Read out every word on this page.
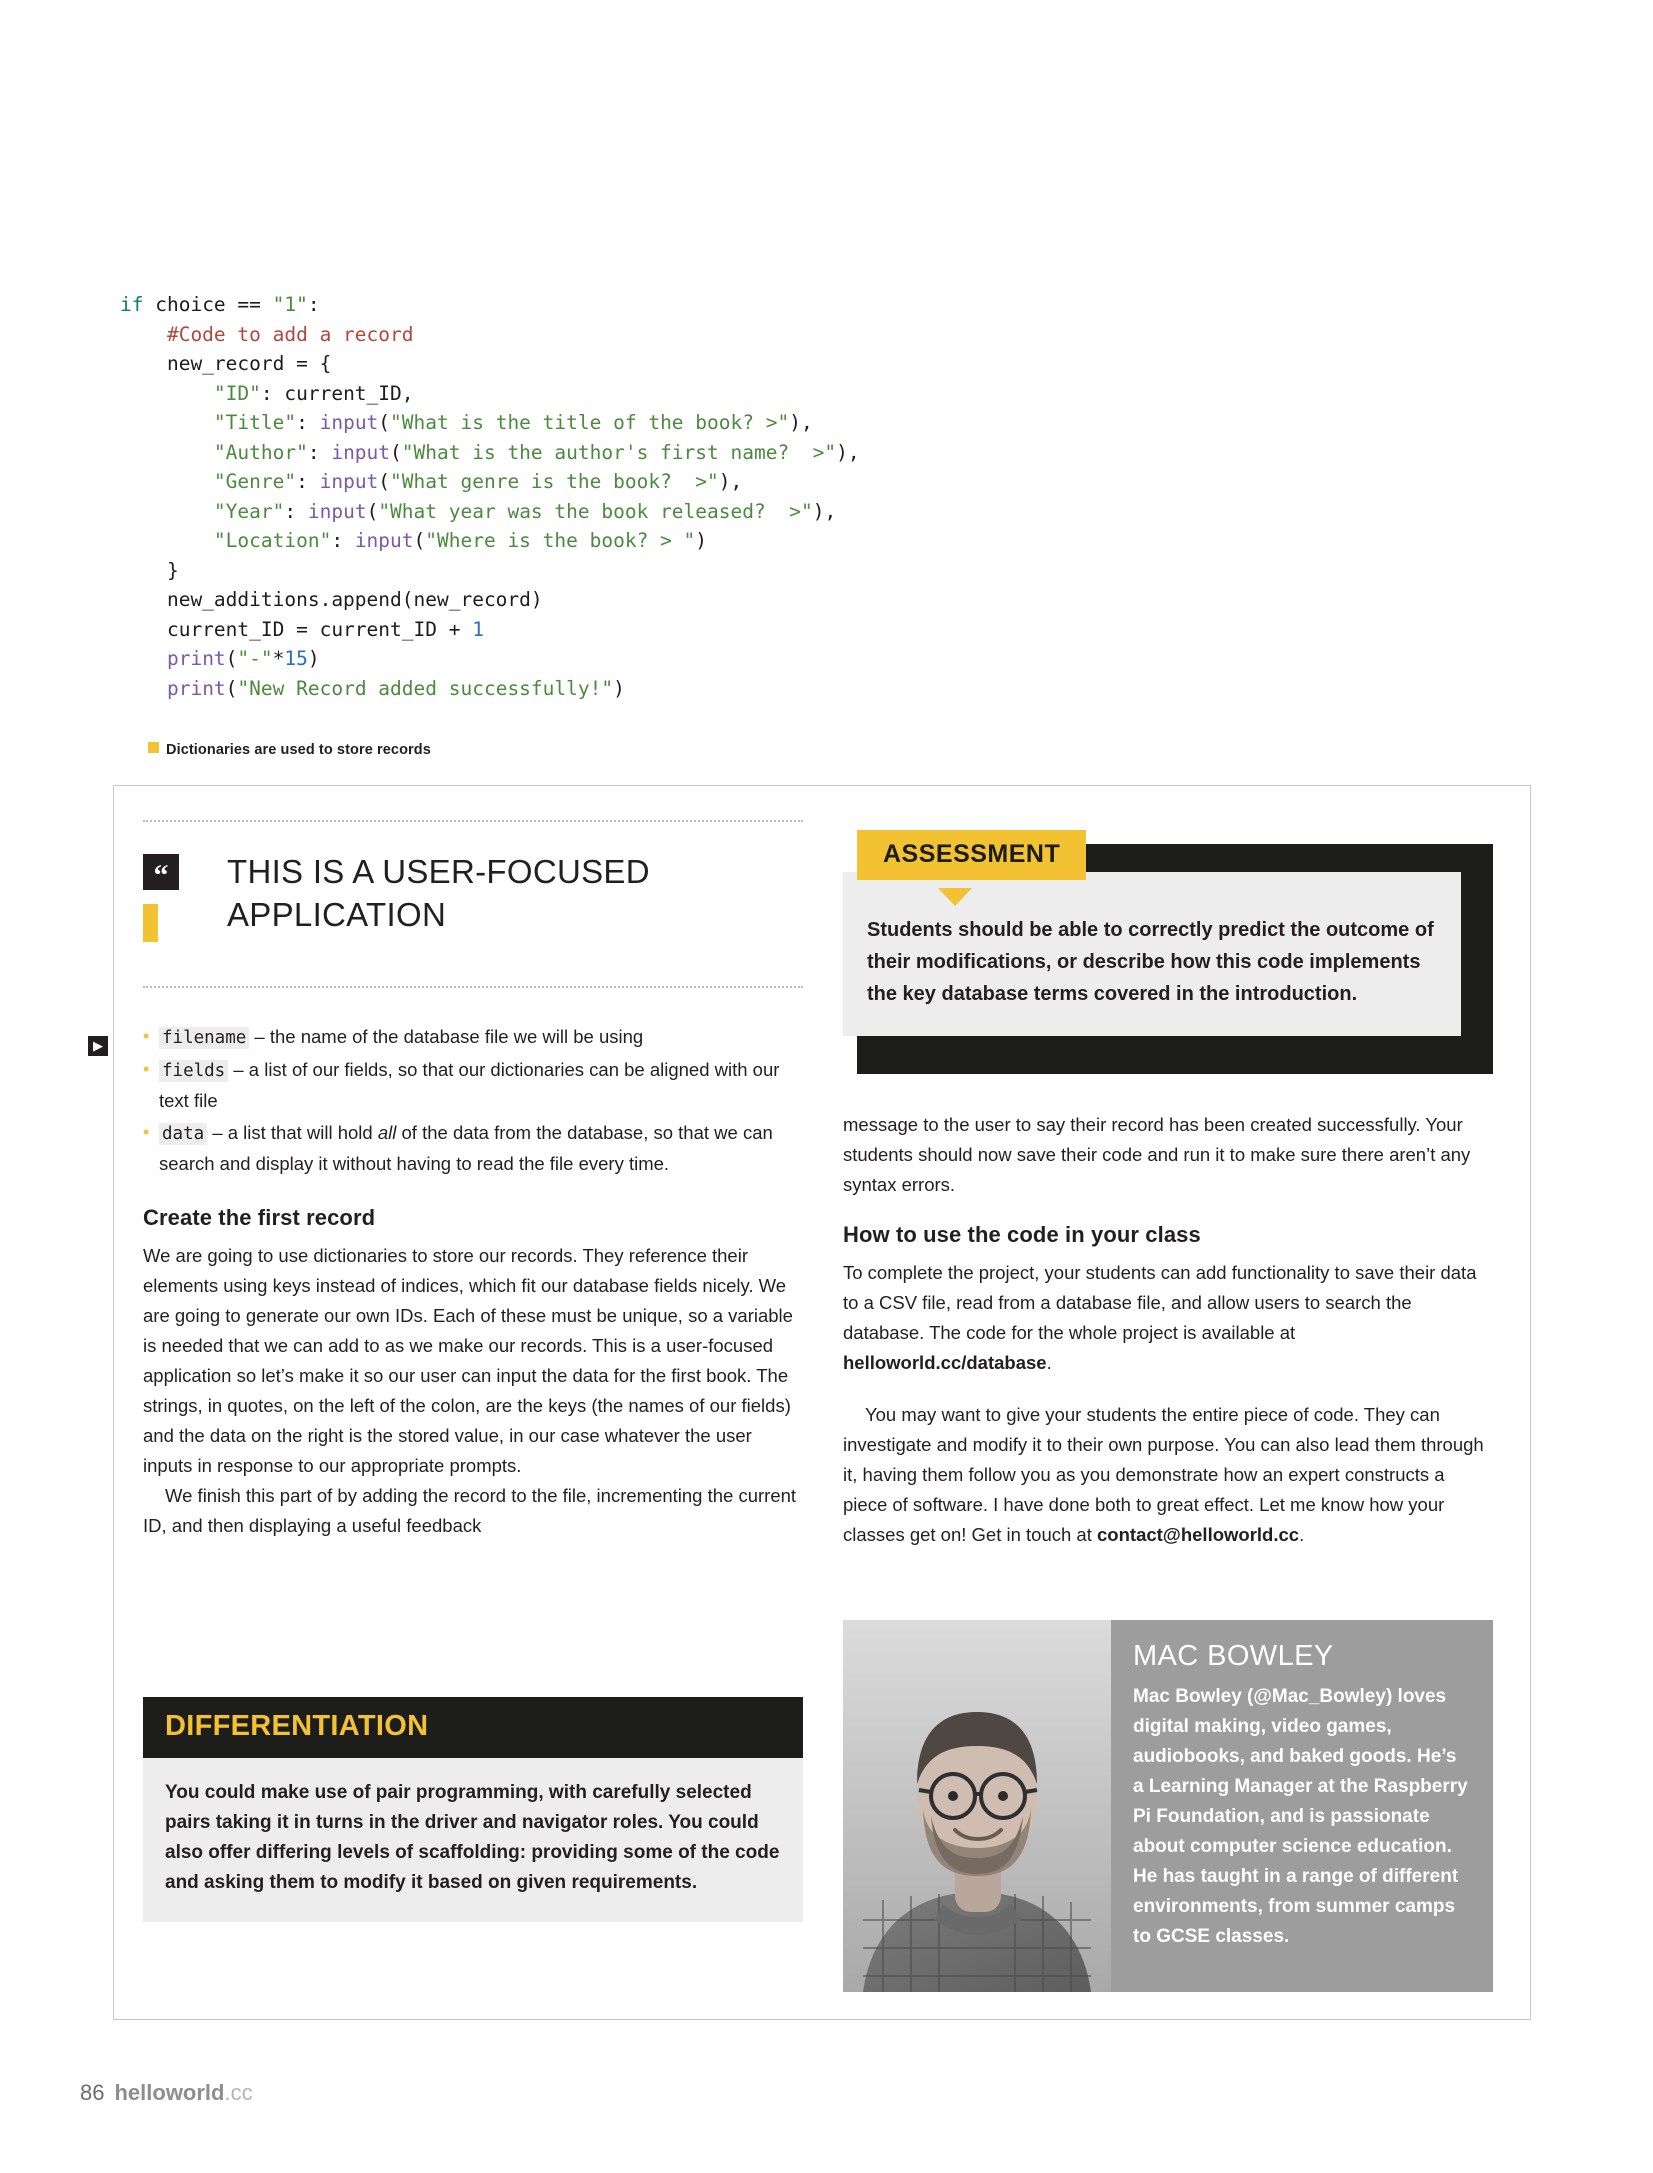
if choice == "1":
#Code to add a record
new_record = {
"ID": current_ID,
"Title": input("What is the title of the book? >"),
"Author": input("What is the author's first name?  >"),
"Genre": input("What genre is the book?  >"),
"Year": input("What year was the book released?  >"),
"Location": input("Where is the book? > ")
}
new_additions.append(new_record)
current_ID = current_ID + 1
print("-"*15)
print("New Record added successfully!")
Dictionaries are used to store records
▶
“	THIS IS A USER-FOCUSED APPLICATION
• filename – the name of the database file we will be using
• fields – a list of our fields, so that our dictionaries can be aligned with our text file
• data – a list that will hold all of the data from the database, so that we can search and display it without having to read the file every time.
Create the first record

We are going to use dictionaries to store our records. They reference their elements using keys instead of indices, which fit our database fields nicely. We are going to generate our own IDs. Each of these must be unique, so a variable is needed that we can add to as we make our records. This is a user-focused application so let’s make it so our user can input the data for the first book. The strings, in quotes, on the left of the colon, are the keys (the names of our fields) and the data on the right is the stored value, in our case whatever the user inputs in response to our appropriate prompts.

We finish this part of by adding the record to the file, incrementing the current ID, and then displaying a useful feedback

DIFFERENTIATION
You could make use of pair programming, with carefully selected pairs taking it in turns in the driver and navigator roles. You could also offer differing levels of scaffolding: providing some of the code and asking them to modify it based on given requirements.
Students should be able to correctly predict the outcome of their modifications, or describe how this code implements the key database terms covered in the introduction.
ASSESSMENT

message to the user to say their record has been created successfully. Your students should now save their code and run it to make sure there aren’t any syntax errors.

How to use the code in your class

To complete the project, your students can add functionality to save their data to a CSV file, read from a database file, and allow users to search the database. The code for the whole project is available at helloworld.cc/database.

You may want to give your students the entire piece of code. They can investigate and modify it to their own purpose. You can also lead them through it, having them follow you as you demonstrate how an expert constructs a piece of software. I have done both to great effect. Let me know how your classes get on! Get in touch at contact@helloworld.cc.

MAC BOWLEY
Mac Bowley (@Mac_Bowley) loves digital making, video games, audiobooks, and baked goods. He’s a Learning Manager at the Raspberry Pi Foundation, and is passionate about computer science education. He has taught in a range of different environments, from summer camps to GCSE classes.
86 helloworld.cc
